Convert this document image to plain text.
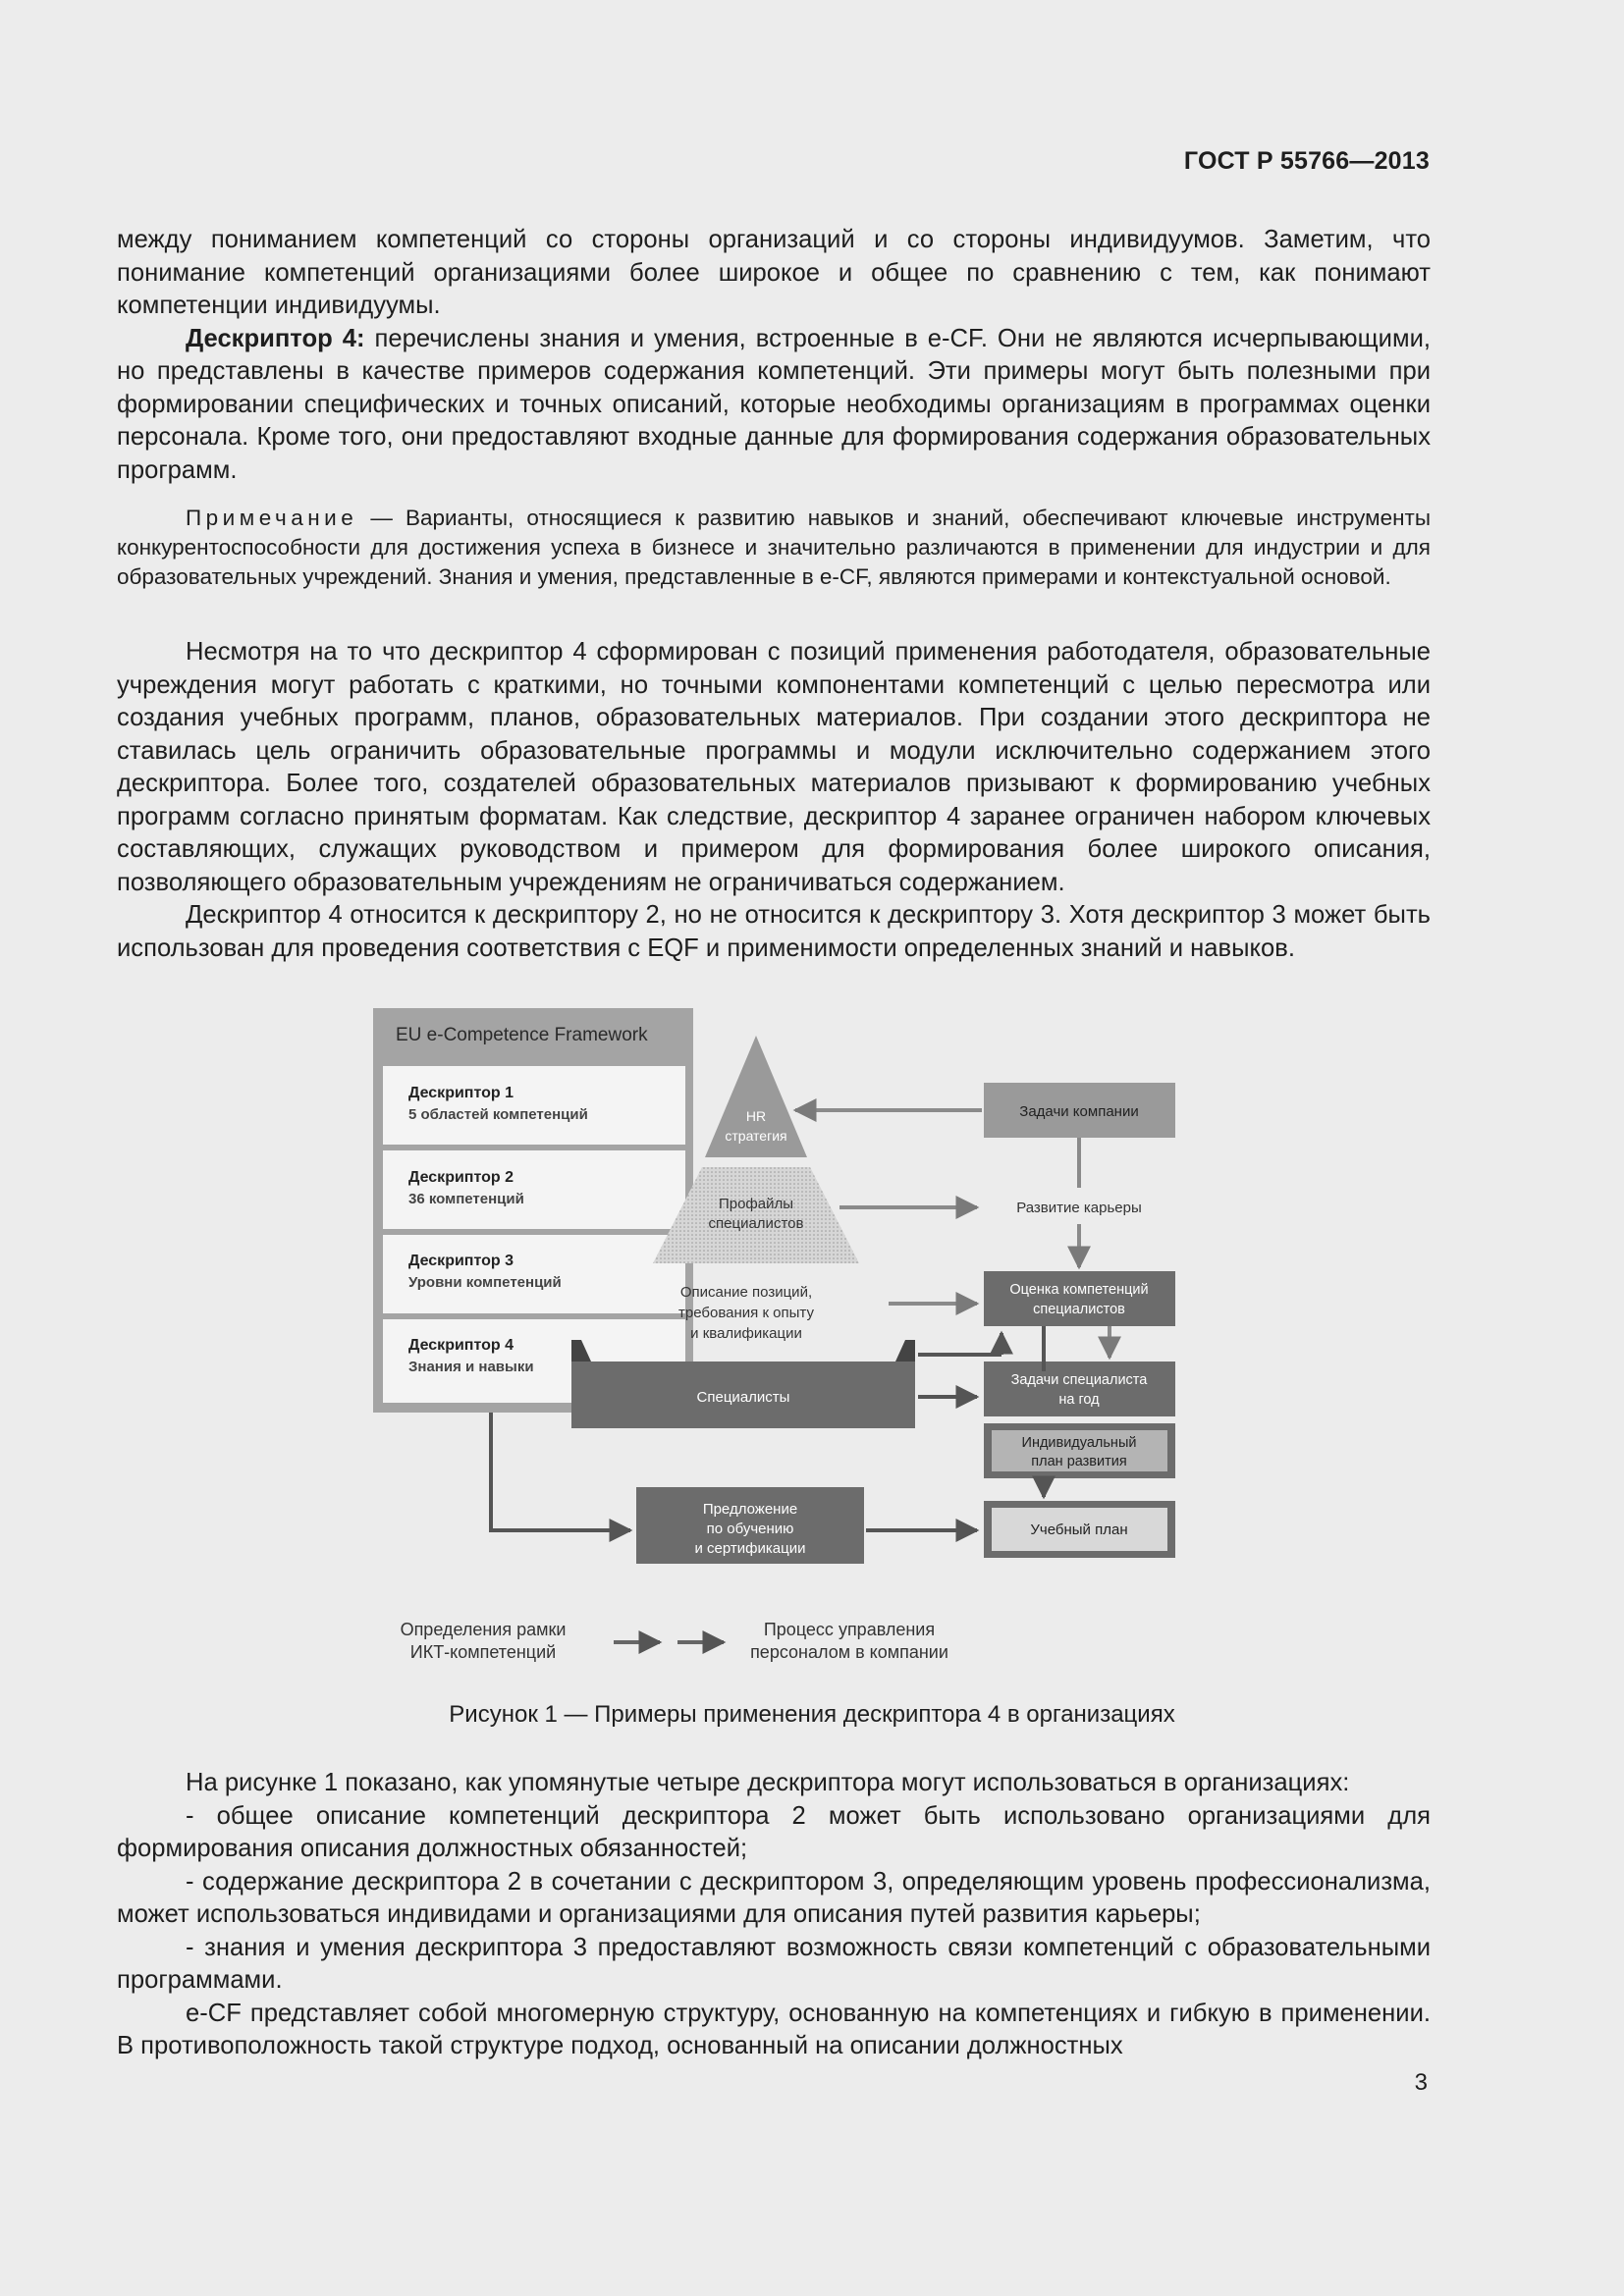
ГОСТ Р 55766—2013

между пониманием компетенций со стороны организаций и со стороны индивидуумов. Заметим, что понимание компетенций организациями более широкое и общее по сравнению с тем, как понимают компетенции индивидуумы.

Дескриптор 4: перечислены знания и умения, встроенные в e-CF. Они не являются исчерпывающими, но представлены в качестве примеров содержания компетенций. Эти примеры могут быть полезными при формировании специфических и точных описаний, которые необходимы организациям в программах оценки персонала. Кроме того, они предоставляют входные данные для формирования содержания образовательных программ.

Примечание — Варианты, относящиеся к развитию навыков и знаний, обеспечивают ключевые инструменты конкурентоспособности для достижения успеха в бизнесе и значительно различаются в применении для индустрии и для образовательных учреждений. Знания и умения, представленные в e-CF, являются примерами и контекстуальной основой.

Несмотря на то что дескриптор 4 сформирован с позиций применения работодателя, образовательные учреждения могут работать с краткими, но точными компонентами компетенций с целью пересмотра или создания учебных программ, планов, образовательных материалов. При создании этого дескриптора не ставилась цель ограничить образовательные программы и модули исключительно содержанием этого дескриптора. Более того, создателей образовательных материалов призывают к формированию учебных программ согласно принятым форматам. Как следствие, дескриптор 4 заранее ограничен набором ключевых составляющих, служащих руководством и примером для формирования более широкого описания, позволяющего образовательным учреждениям не ограничиваться содержанием.

Дескриптор 4 относится к дескриптору 2, но не относится к дескриптору 3. Хотя дескриптор 3 может быть использован для проведения соответствия с EQF и применимости определенных знаний и навыков.

EU e-Competence Framework
Дескриптор 1
5 областей компетенций
Дескриптор 2
36 компетенций
Дескриптор 3
Уровни компетенций
Дескриптор 4
Знания и навыки
HR
стратегия
Профайлы
специалистов
Описание позиций,
требования к опыту
и квалификации
Специалисты
Предложение
по обучению
и сертификации
Задачи компании
Развитие карьеры
Оценка компетенций
специалистов
Задачи специалиста
на год
Индивидуальный
план развития
Учебный план
Определения рамки
ИКТ-компетенций
Процесс управления
персоналом в компании
Рисунок 1 — Примеры применения дескриптора 4 в организациях

На рисунке 1 показано, как упомянутые четыре дескриптора могут использоваться в организациях:

- общее описание компетенций дескриптора 2 может быть использовано организациями для формирования описания должностных обязанностей;

- содержание дескриптора 2 в сочетании с дескриптором 3, определяющим уровень профессионализма, может использоваться индивидами и организациями для описания путей развития карьеры;

- знания и умения дескриптора 3 предоставляют возможность связи компетенций с образовательными программами.

e-CF представляет собой многомерную структуру, основанную на компетенциях и гибкую в применении. В противоположность такой структуре подход, основанный на описании должностных

3
